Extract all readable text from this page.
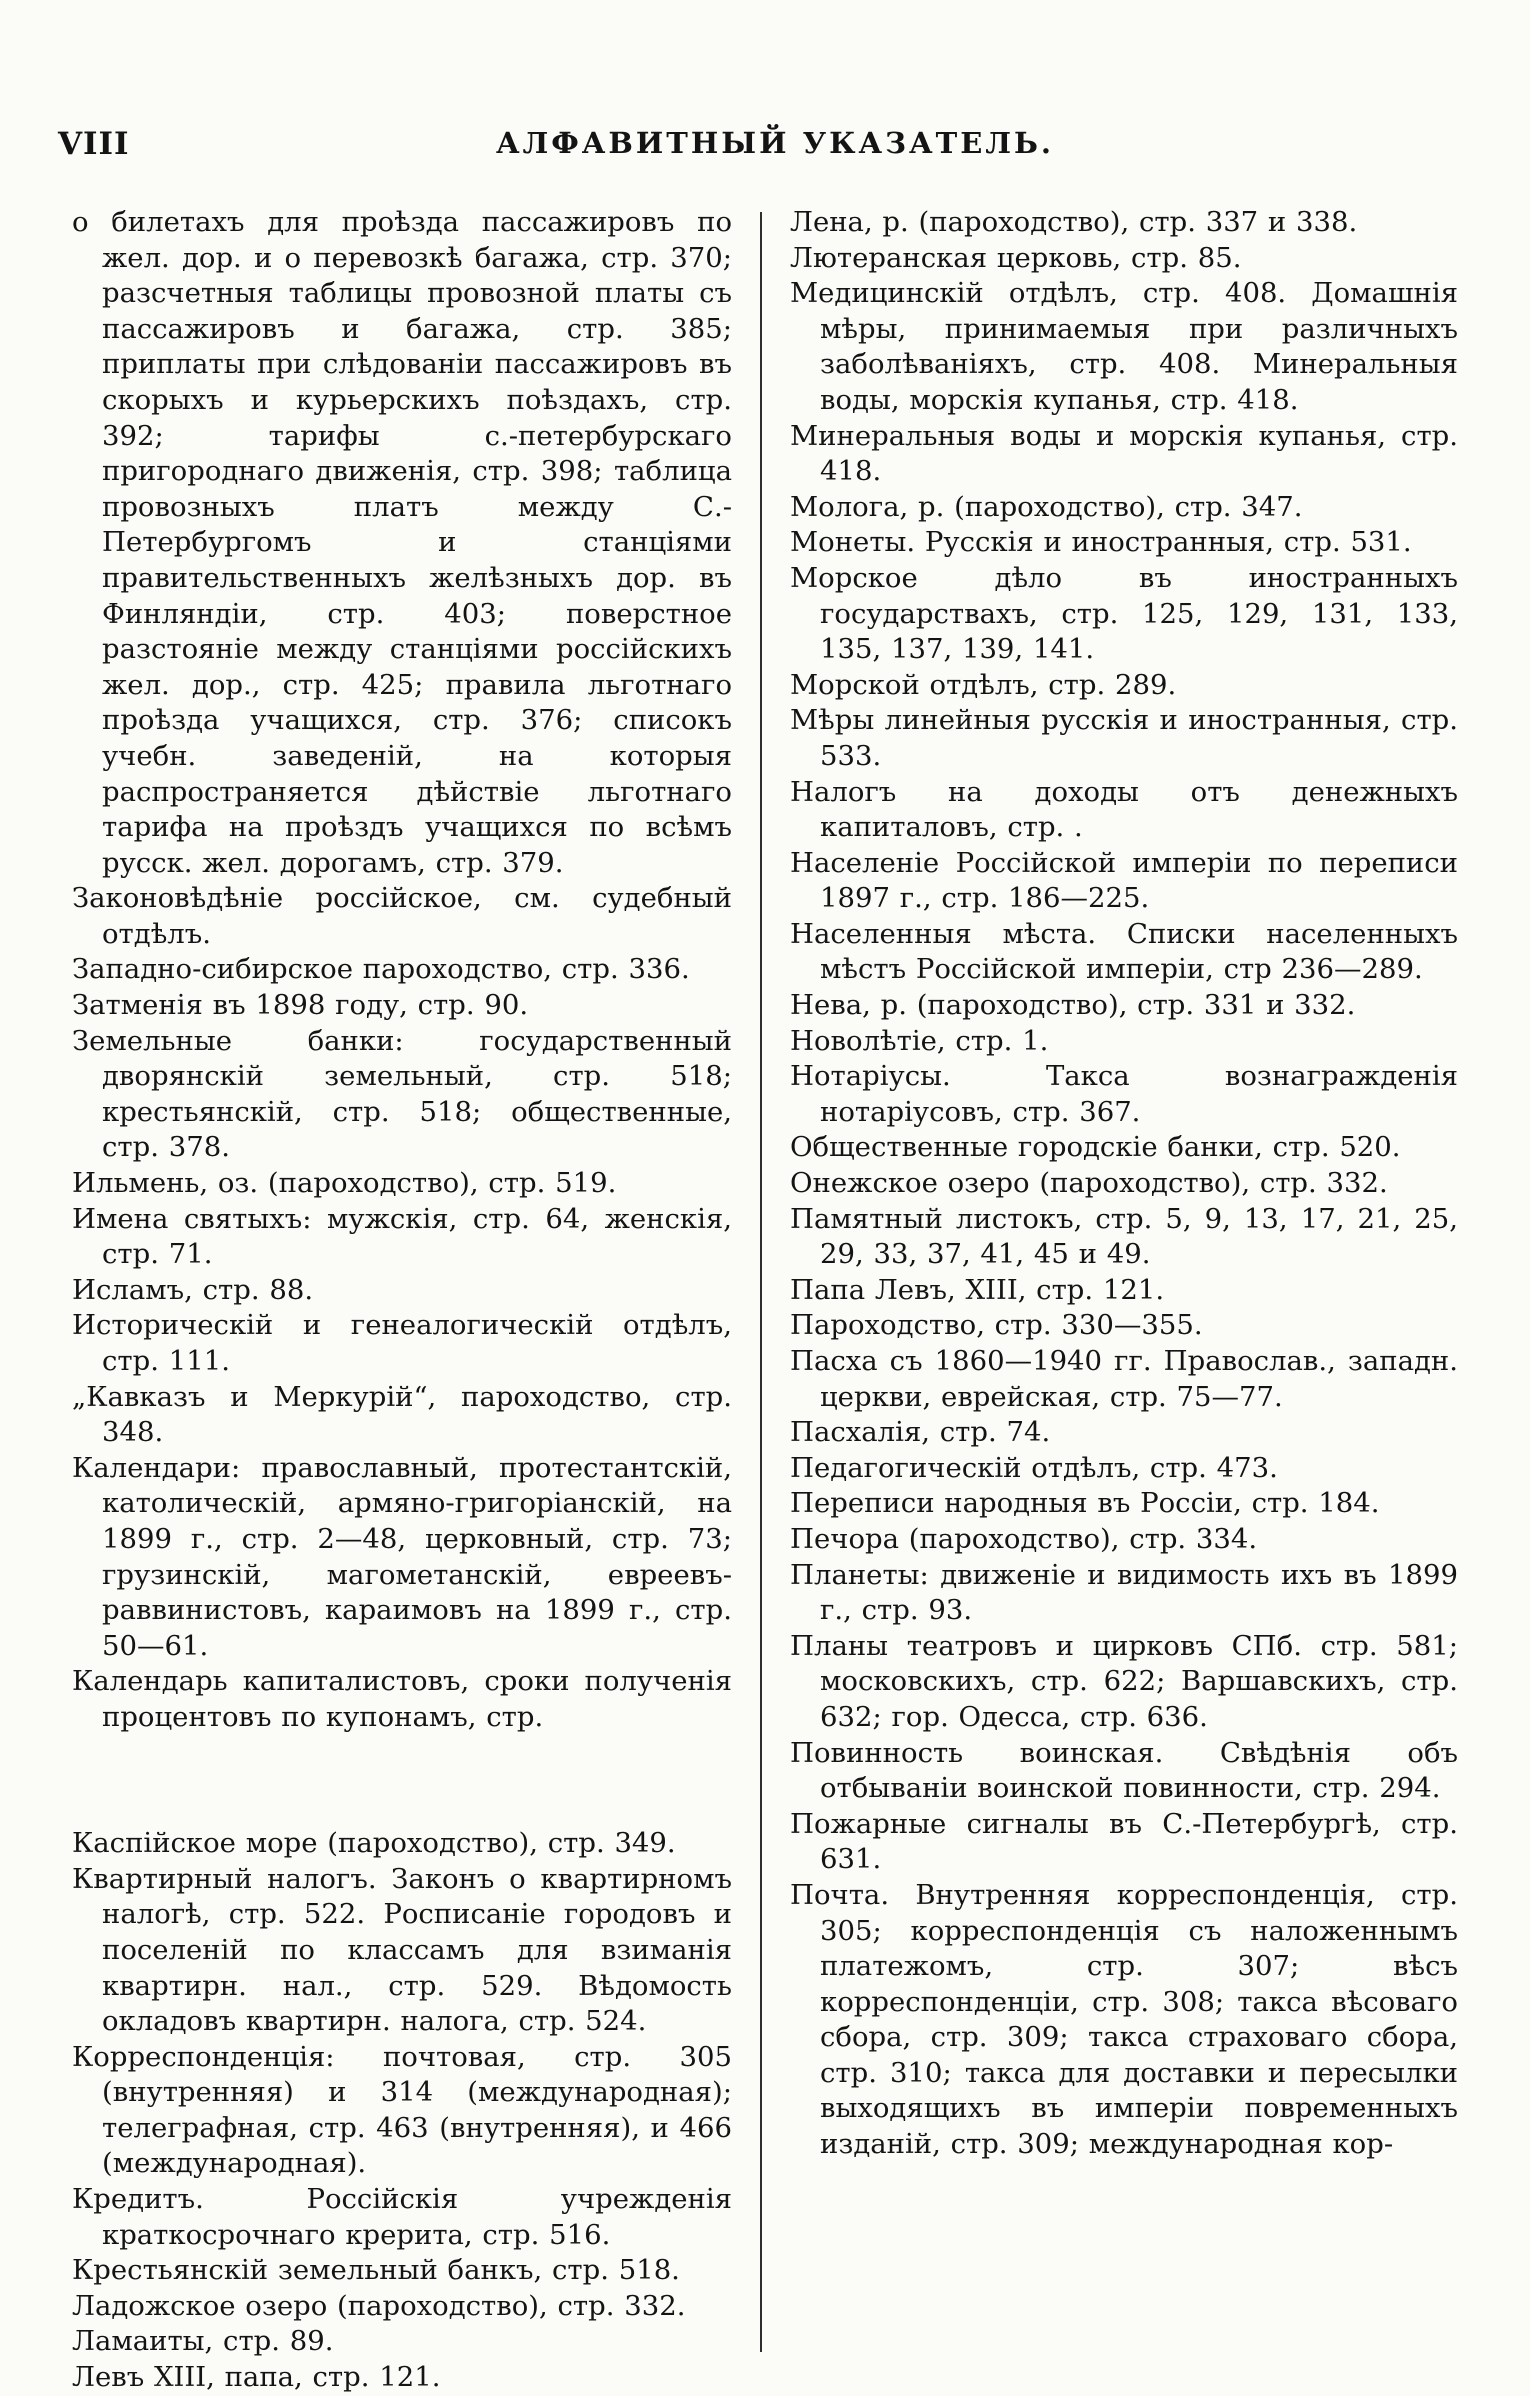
VIII	АЛФАВИТНЫЙ УКАЗАТЕЛЬ.

о билетахъ для проѣзда пассажировъ по жел. дор. и о перевозкѣ багажа, стр. 370; разсчетныя таблицы провозной платы съ пассажировъ и багажа, стр. 385; приплаты при слѣдованіи пассажировъ въ скорыхъ и курьерскихъ поѣздахъ, стр. 392; тарифы с.-петербурскаго пригороднаго движенія, стр. 398; таблица провозныхъ платъ между С.-Петербургомъ и станціями правительственныхъ желѣзныхъ дор. въ Финляндіи, стр. 403; поверстное разстояніе между станціями россійскихъ жел. дор., стр. 425; правила льготнаго проѣзда учащихся, стр. 376; списокъ учебн. заведеній, на которыя распространяется дѣйствіе льготнаго тарифа на проѣздъ учащихся по всѣмъ русск. жел. дорогамъ, стр. 379.

Законовѣдѣніе россійское, см. судебный отдѣлъ.

Западно-сибирское пароходство, стр. 336.

Затменія въ 1898 году, стр. 90.

Земельные банки: государственный дворянскій земельный, стр. 518; крестьянскій, стр. 518; общественные, стр. 378.

Ильмень, оз. (пароходство), стр. 519.

Имена святыхъ: мужскія, стр. 64, женскія, стр. 71.

Исламъ, стр. 88.

Историческій и генеалогическій отдѣлъ, стр. 111.

„Кавказъ и Меркурій“, пароходство, стр. 348.

Календари: православный, протестантскій, католическій, армяно-григоріанскій, на 1899 г., стр. 2—48, церковный, стр. 73; грузинскій, магометанскій, евреевъ-раввинистовъ, караимовъ на 1899 г., стр. 50—61.

Календарь капиталистовъ, сроки полученія процентовъ по купонамъ, стр.

Каспійское море (пароходство), стр. 349.

Квартирный налогъ. Законъ о квартирномъ налогѣ, стр. 522. Росписаніе городовъ и поселеній по классамъ для взиманія квартирн. нал., стр. 529. Вѣдомость окладовъ квартирн. налога, стр. 524.

Корреспонденція: почтовая, стр. 305 (внутренняя) и 314 (международная); телеграфная, стр. 463 (внутренняя), и 466 (международная).

Кредитъ. Россійскія учрежденія краткосрочнаго крерита, стр. 516.

Крестьянскій земельный банкъ, стр. 518.

Ладожское озеро (пароходство), стр. 332.

Ламаиты, стр. 89.

Левъ XIII, папа, стр. 121.

Лена, р. (пароходство), стр. 337 и 338.

Лютеранская церковь, стр. 85.

Медицинскій отдѣлъ, стр. 408. Домашнія мѣры, принимаемыя при различныхъ заболѣваніяхъ, стр. 408. Минеральныя воды, морскія купанья, стр. 418.

Минеральныя воды и морскія купанья, стр. 418.

Молога, р. (пароходство), стр. 347.

Монеты. Русскія и иностранныя, стр. 531.

Морское дѣло въ иностранныхъ государствахъ, стр. 125, 129, 131, 133, 135, 137, 139, 141.

Морской отдѣлъ, стр. 289.

Мѣры линейныя русскія и иностранныя, стр. 533.

Налогъ на доходы отъ денежныхъ капиталовъ, стр. .

Населеніе Россійской имперіи по переписи 1897 г., стр. 186—225.

Населенныя мѣста. Списки населенныхъ мѣстъ Россійской имперіи, стр 236—289.

Нева, р. (пароходство), стр. 331 и 332.

Новолѣтіе, стр. 1.

Нотаріусы. Такса вознагражденія нотаріусовъ, стр. 367.

Общественные городскіе банки, стр. 520.

Онежское озеро (пароходство), стр. 332.

Памятный листокъ, стр. 5, 9, 13, 17, 21, 25, 29, 33, 37, 41, 45 и 49.

Папа Левъ, XIII, стр. 121.

Пароходство, стр. 330—355.

Пасха съ 1860—1940 гг. Православ., западн. церкви, еврейская, стр. 75—77.

Пасхалія, стр. 74.

Педагогическій отдѣлъ, стр. 473.

Переписи народныя въ Россіи, стр. 184.

Печора (пароходство), стр. 334.

Планеты: движеніе и видимость ихъ въ 1899 г., стр. 93.

Планы театровъ и цирковъ СПб. стр. 581; московскихъ, стр. 622; Варшавскихъ, стр. 632; гор. Одесса, стр. 636.

Повинность воинская. Свѣдѣнія объ отбываніи воинской повинности, стр. 294.

Пожарные сигналы въ С.-Петербургѣ, стр. 631.

Почта. Внутренняя корреспонденція, стр. 305; корреспонденція съ наложеннымъ платежомъ, стр. 307; вѣсъ корреспонденціи, стр. 308; такса вѣсоваго сбора, стр. 309; такса страховаго сбора, стр. 310; такса для доставки и пересылки выходящихъ въ имперіи повременныхъ изданій, стр. 309; международная кор-
